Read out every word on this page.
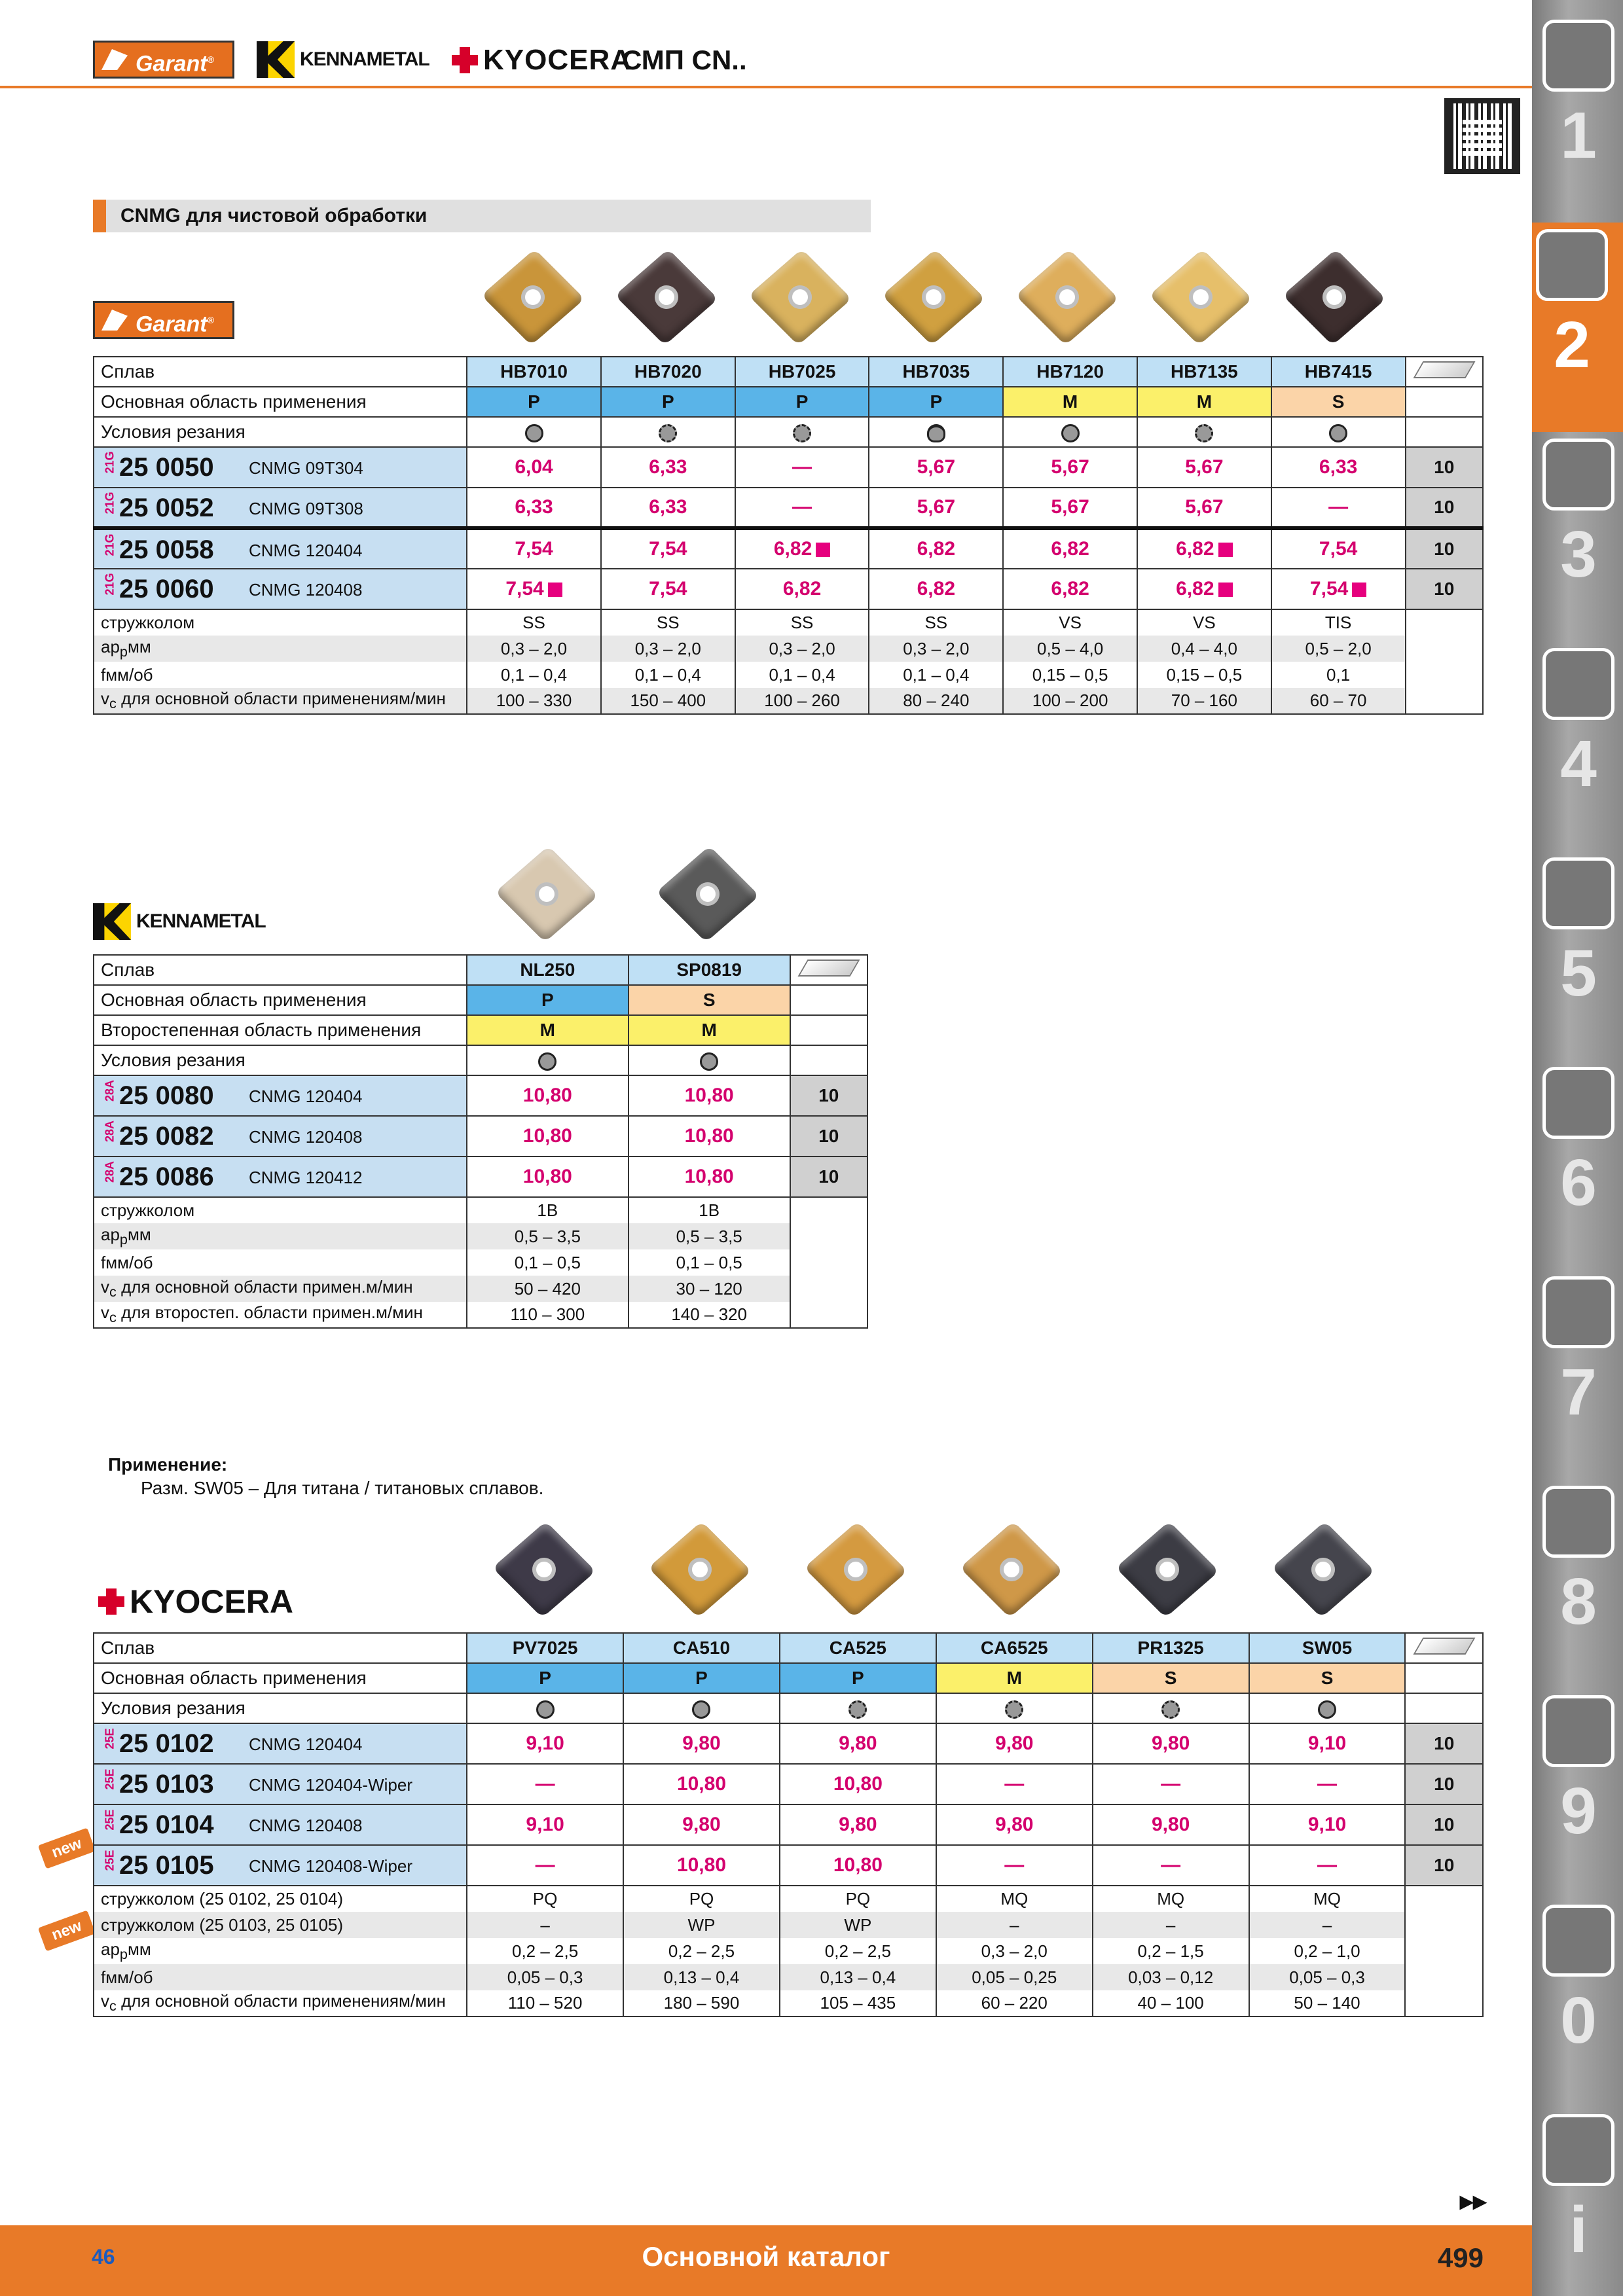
Garant®	KENNAMETAL KYOCERA
СМП CN..
CNMG для чистовой обработки
Garant®
Сплав	HB7010	HB7020	HB7025	HB7035	HB7120	HB7135	HB7415	
Основная область применения	P	P	P	P	M	M	S	
Условия резания								

21G 25 0050 CNMG 09T304	6,04	6,33	—	5,67	5,67	5,67	6,33	10

21G 25 0052 CNMG 09T308	6,33	6,33	—	5,67	5,67	5,67	—	10

21G 25 0058 CNMG 120404	7,54	7,54	6,82	6,82	6,82	6,82	7,54	10

21G 25 0060 CNMG 120408	7,54	7,54	6,82	6,82	6,82	6,82	7,54	10
стружколом	SS	SS	SS	SS	VS	VS	TIS	
$ap_pмм$	0,3 – 2,0	0,3 – 2,0	0,3 – 2,0	0,3 – 2,0	0,5 – 4,0	0,4 – 4,0	0,5 – 2,0	
fмм/об	0,1 – 0,4	0,1 – 0,4	0,1 – 0,4	0,1 – 0,4	0,15 – 0,5	0,15 – 0,5	0,1	
$v_c$ для основной области применениям/мин	100 – 330	150 – 400	100 – 260	80 – 240	100 – 200	70 – 160	60 – 70	
KENNAMETAL
Сплав	NL250	SP0819	
Основная область применения	P	S	
Второстепенная область применения	M	M	
Условия резания			

28A 25 0080 CNMG 120404	10,80	10,80	10

28A 25 0082 CNMG 120408	10,80	10,80	10

28A 25 0086 CNMG 120412	10,80	10,80	10
стружколом	1B	1B	
$ap_pмм$	0,5 – 3,5	0,5 – 3,5	
fмм/об	0,1 – 0,5	0,1 – 0,5	
$v_c$ для основной области примен.м/мин	50 – 420	30 – 120	
$v_c$ для второстеп. области примен.м/мин	110 – 300	140 – 320	
Применение:
Разм. SW05 – Для титана / титановых сплавов.
KYOCERA
new
new
Сплав	PV7025	CA510	CA525	CA6525	PR1325	SW05	
Основная область применения	P	P	P	M	S	S	
Условия резания							

25E 25 0102 CNMG 120404	9,10	9,80	9,80	9,80	9,80	9,10	10

25E 25 0103 CNMG 120404-Wiper	—	10,80	10,80	—	—	—	10

25E 25 0104 CNMG 120408	9,10	9,80	9,80	9,80	9,80	9,10	10

25E 25 0105 CNMG 120408-Wiper	—	10,80	10,80	—	—	—	10
стружколом (25 0102, 25 0104)	PQ	PQ	PQ	MQ	MQ	MQ	
стружколом (25 0103, 25 0105)	–	WP	WP	–	–	–	
$ap_pмм$	0,2 – 2,5	0,2 – 2,5	0,2 – 2,5	0,3 – 2,0	0,2 – 1,5	0,2 – 1,0	
fмм/об	0,05 – 0,3	0,13 – 0,4	0,13 – 0,4	0,05 – 0,25	0,03 – 0,12	0,05 – 0,3	
$v_c$ для основной области применениям/мин	110 – 520	180 – 590	105 – 435	60 – 220	40 – 100	50 – 140	
▸▸
46	Основной каталог	499
1
2
3
4
5
6
7
8
9
0
i
